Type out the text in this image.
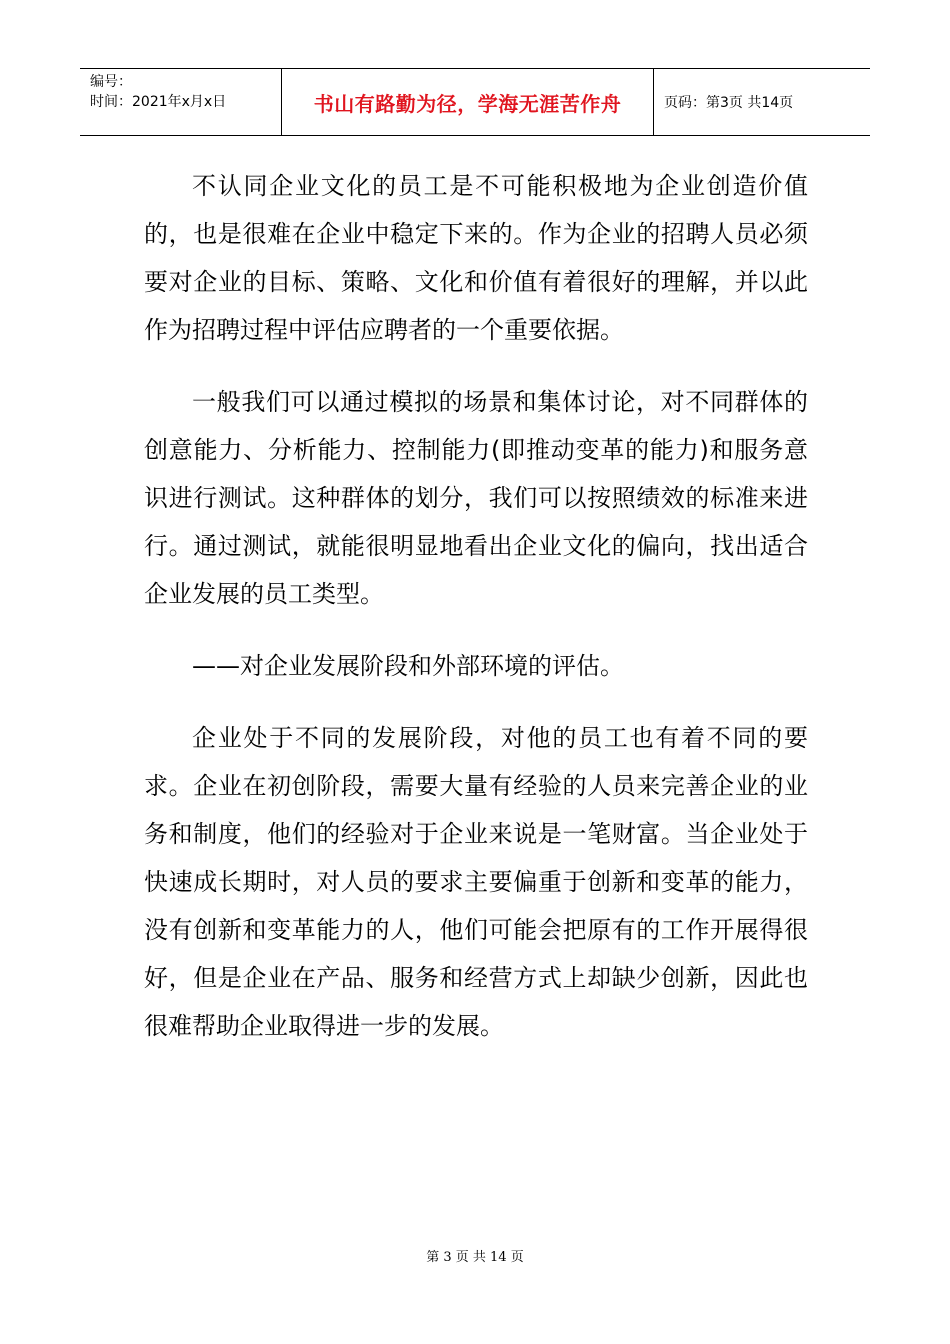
编号：
时间：2021年x月x日	书山有路勤为径，学海无涯苦作舟	页码：第3页 共14页

不认同企业文化的员工是不可能积极地为企业创造价值的，也是很难在企业中稳定下来的。作为企业的招聘人员必须要对企业的目标、策略、文化和价值有着很好的理解，并以此作为招聘过程中评估应聘者的一个重要依据。

一般我们可以通过模拟的场景和集体讨论，对不同群体的创意能力、分析能力、控制能力(即推动变革的能力)和服务意识进行测试。这种群体的划分，我们可以按照绩效的标准来进行。通过测试，就能很明显地看出企业文化的偏向，找出适合企业发展的员工类型。

——对企业发展阶段和外部环境的评估。

企业处于不同的发展阶段，对他的员工也有着不同的要求。企业在初创阶段，需要大量有经验的人员来完善企业的业务和制度，他们的经验对于企业来说是一笔财富。当企业处于快速成长期时，对人员的要求主要偏重于创新和变革的能力，没有创新和变革能力的人，他们可能会把原有的工作开展得很好，但是企业在产品、服务和经营方式上却缺少创新，因此也很难帮助企业取得进一步的发展。

第 3 页 共 14 页
